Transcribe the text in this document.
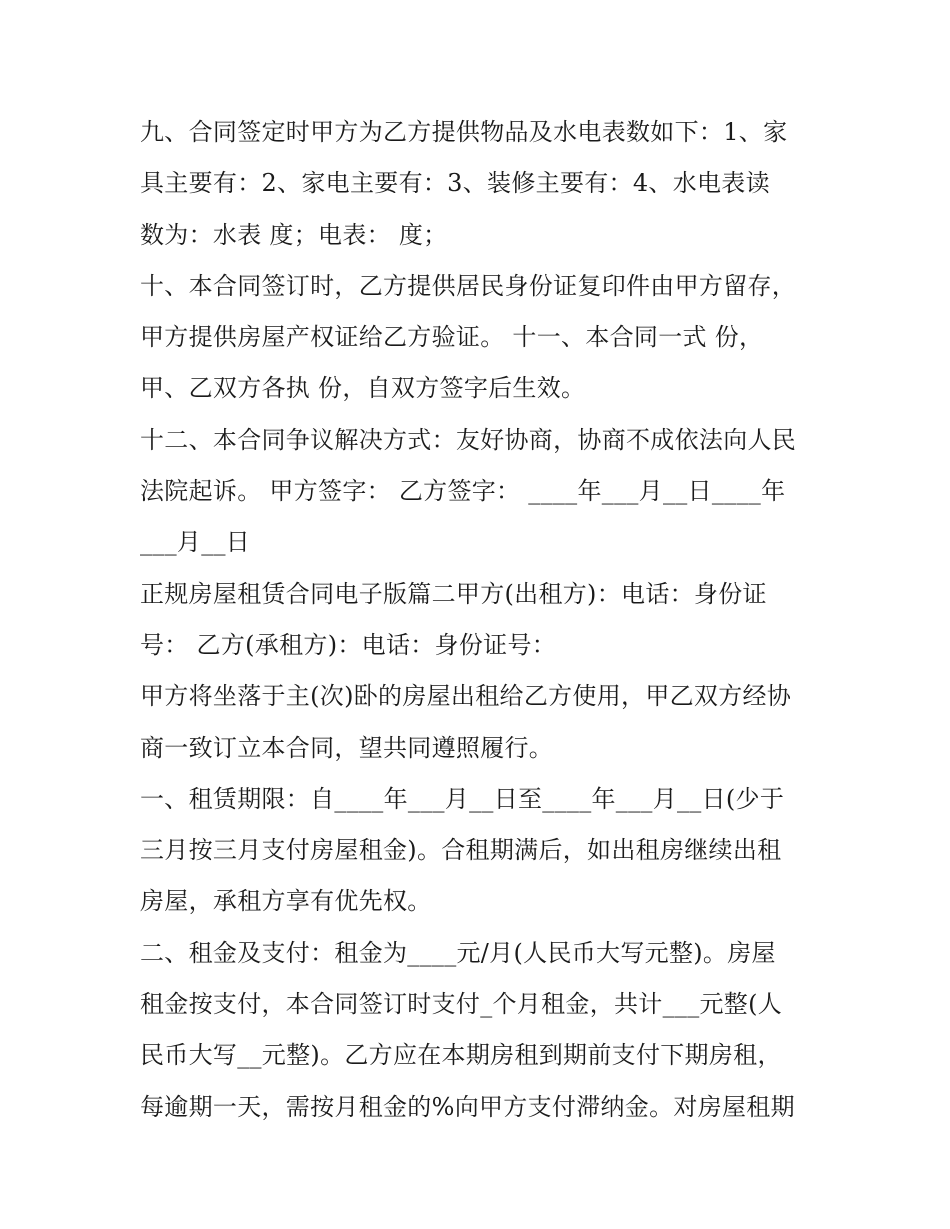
九、合同签定时甲方为乙方提供物品及水电表数如下：1、家
具主要有：2、家电主要有：3、装修主要有：4、水电表读
数为：水表 度；电表： 度；
十、本合同签订时，乙方提供居民身份证复印件由甲方留存，
甲方提供房屋产权证给乙方验证。 十一、本合同一式 份，
甲、乙双方各执 份，自双方签字后生效。
十二、本合同争议解决方式：友好协商，协商不成依法向人民
法院起诉。 甲方签字： 乙方签字： ____年___月__日____年
___月__日
正规房屋租赁合同电子版篇二甲方(出租方)：电话：身份证
号： 乙方(承租方)：电话：身份证号：
甲方将坐落于主(次)卧的房屋出租给乙方使用，甲乙双方经协
商一致订立本合同，望共同遵照履行。
一、租赁期限：自____年___月__日至____年___月__日(少于
三月按三月支付房屋租金)。合租期满后，如出租房继续出租
房屋，承租方享有优先权。
二、租金及支付：租金为____元/月(人民币大写元整)。房屋
租金按支付，本合同签订时支付_个月租金，共计___元整(人
民币大写__元整)。乙方应在本期房租到期前支付下期房租，
每逾期一天，需按月租金的%向甲方支付滞纳金。对房屋租期
